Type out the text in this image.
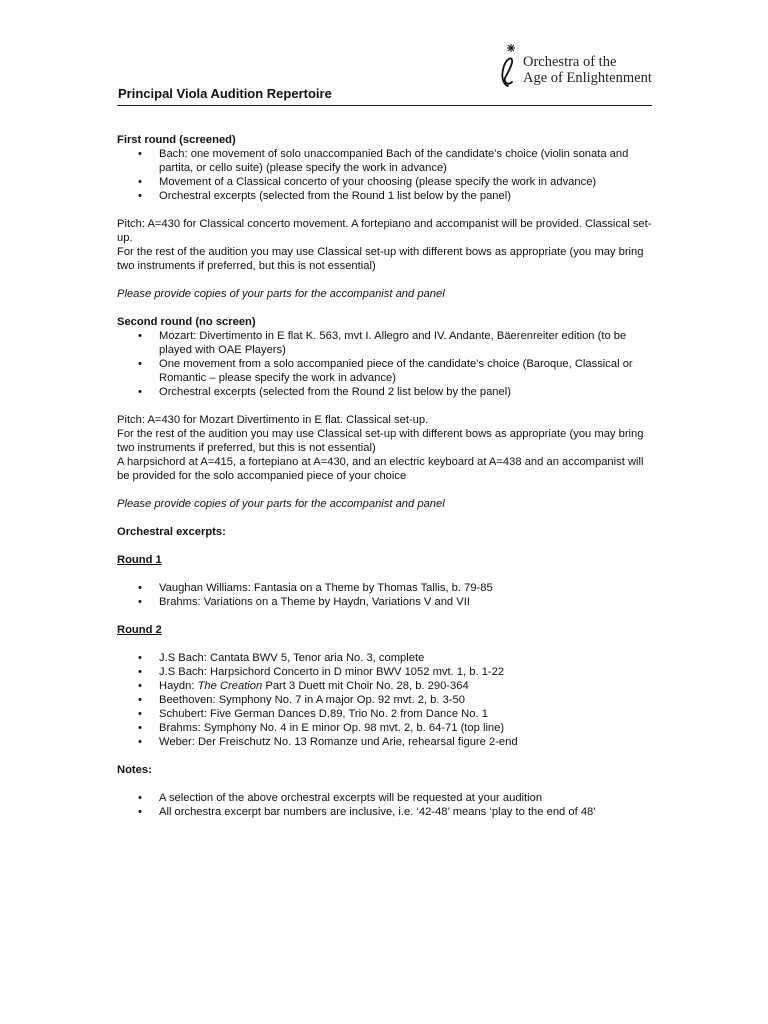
Orchestra of the
Age of Enlightenment
Principal Viola Audition Repertoire

First round (screened)

• Bach: one movement of solo unaccompanied Bach of the candidate’s choice (violin sonata and partita, or cello suite) (please specify the work in advance)
• Movement of a Classical concerto of your choosing (please specify the work in advance)
• Orchestral excerpts (selected from the Round 1 list below by the panel)

Pitch: A=430 for Classical concerto movement. A fortepiano and accompanist will be provided. Classical set-up.

For the rest of the audition you may use Classical set-up with different bows as appropriate (you may bring two instruments if preferred, but this is not essential)

Please provide copies of your parts for the accompanist and panel

Second round (no screen)

• Mozart: Divertimento in E flat K. 563, mvt I. Allegro and IV. Andante, Bäerenreiter edition (to be played with OAE Players)
• One movement from a solo accompanied piece of the candidate’s choice (Baroque, Classical or Romantic – please specify the work in advance)
• Orchestral excerpts (selected from the Round 2 list below by the panel)

Pitch: A=430 for Mozart Divertimento in E flat. Classical set-up.

For the rest of the audition you may use Classical set-up with different bows as appropriate (you may bring two instruments if preferred, but this is not essential)

A harpsichord at A=415, a fortepiano at A=430, and an electric keyboard at A=438 and an accompanist will be provided for the solo accompanied piece of your choice

Please provide copies of your parts for the accompanist and panel

Orchestral excerpts:

Round 1

• Vaughan Williams: Fantasia on a Theme by Thomas Tallis, b. 79-85
• Brahms: Variations on a Theme by Haydn, Variations V and VII

Round 2

• J.S Bach: Cantata BWV 5, Tenor aria No. 3, complete
• J.S Bach: Harpsichord Concerto in D minor BWV 1052 mvt. 1, b. 1-22
• Haydn: The Creation Part 3 Duett mit Choir No. 28, b. 290-364
• Beethoven: Symphony No. 7 in A major Op. 92 mvt. 2, b. 3-50
• Schubert: Five German Dances D.89, Trio No. 2 from Dance No. 1
• Brahms: Symphony No. 4 in E minor Op. 98 mvt. 2, b. 64-71 (top line)
• Weber: Der Freischutz No. 13 Romanze und Arie, rehearsal figure 2-end

Notes:

• A selection of the above orchestral excerpts will be requested at your audition
• All orchestra excerpt bar numbers are inclusive, i.e. ‘42-48’ means ‘play to the end of 48’
